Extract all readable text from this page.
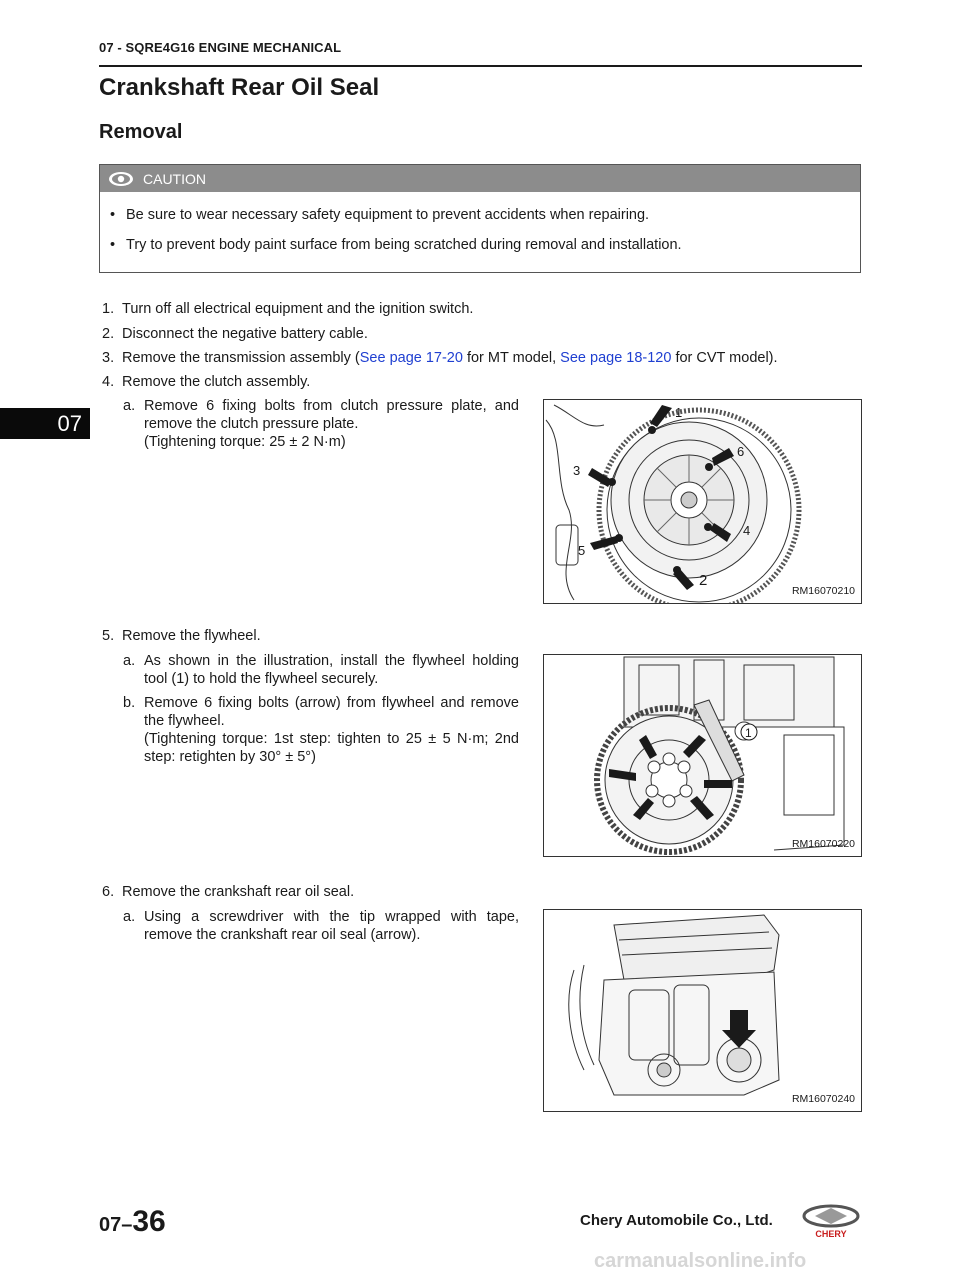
07 - SQRE4G16 ENGINE MECHANICAL
Crankshaft Rear Oil Seal
Removal
CAUTION
• Be sure to wear necessary safety equipment to prevent accidents when repairing.
• Try to prevent body paint surface from being scratched during removal and installation.
1. Turn off all electrical equipment and the ignition switch.
2. Disconnect the negative battery cable.
3. Remove the transmission assembly (See page 17-20 for MT model, See page 18-120 for CVT model).
4. Remove the clutch assembly.
a. Remove 6 fixing bolts from clutch pressure plate, and remove the clutch pressure plate.
(Tightening torque: 25 ± 2 N·m)
1
6
3
4
5
2
RM16070210
5. Remove the flywheel.
a. As shown in the illustration, install the flywheel holding tool (1) to hold the flywheel securely.
b. Remove 6 fixing bolts (arrow) from flywheel and remove the flywheel.
(Tightening torque: 1st step: tighten to 25 ± 5 N·m; 2nd step: retighten by 30° ± 5°)
1
RM16070220
6. Remove the crankshaft rear oil seal.
a. Using a screwdriver with the tip wrapped with tape, remove the crankshaft rear oil seal (arrow).
RM16070240
07
07–36	Chery Automobile Co., Ltd.
CHERY
carmanualsonline.info
